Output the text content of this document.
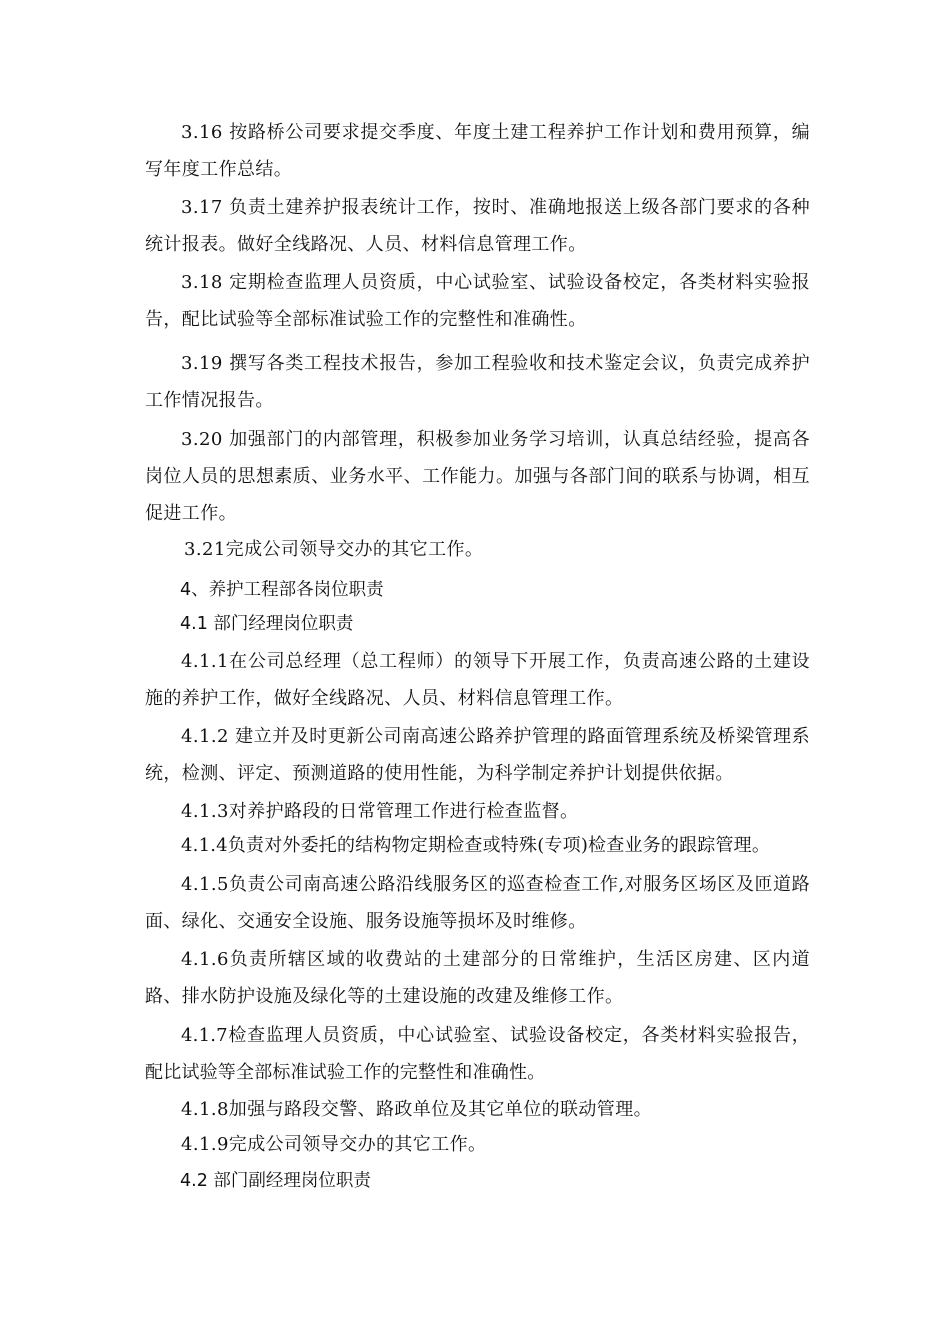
3.16 按路桥公司要求提交季度、年度土建工程养护工作计划和费用预算，编写年度工作总结。

3.17 负责土建养护报表统计工作，按时、准确地报送上级各部门要求的各种统计报表。做好全线路况、人员、材料信息管理工作。

3.18 定期检查监理人员资质，中心试验室、试验设备校定，各类材料实验报告，配比试验等全部标准试验工作的完整性和准确性。

3.19 撰写各类工程技术报告，参加工程验收和技术鉴定会议，负责完成养护工作情况报告。

3.20 加强部门的内部管理，积极参加业务学习培训，认真总结经验，提高各岗位人员的思想素质、业务水平、工作能力。加强与各部门间的联系与协调，相互促进工作。

3.21完成公司领导交办的其它工作。

4、养护工程部各岗位职责
4.1 部门经理岗位职责

4.1.1在公司总经理（总工程师）的领导下开展工作，负责高速公路的土建设施的养护工作，做好全线路况、人员、材料信息管理工作。

4.1.2 建立并及时更新公司南高速公路养护管理的路面管理系统及桥梁管理系统，检测、评定、预测道路的使用性能，为科学制定养护计划提供依据。

4.1.3对养护路段的日常管理工作进行检查监督。

4.1.4负责对外委托的结构物定期检查或特殊(专项)检查业务的跟踪管理。

4.1.5负责公司南高速公路沿线服务区的巡查检查工作,对服务区场区及匝道路面、绿化、交通安全设施、服务设施等损坏及时维修。

4.1.6负责所辖区域的收费站的土建部分的日常维护，生活区房建、区内道路、排水防护设施及绿化等的土建设施的改建及维修工作。

4.1.7检查监理人员资质，中心试验室、试验设备校定，各类材料实验报告，配比试验等全部标准试验工作的完整性和准确性。

4.1.8加强与路段交警、路政单位及其它单位的联动管理。

4.1.9完成公司领导交办的其它工作。

4.2 部门副经理岗位职责
